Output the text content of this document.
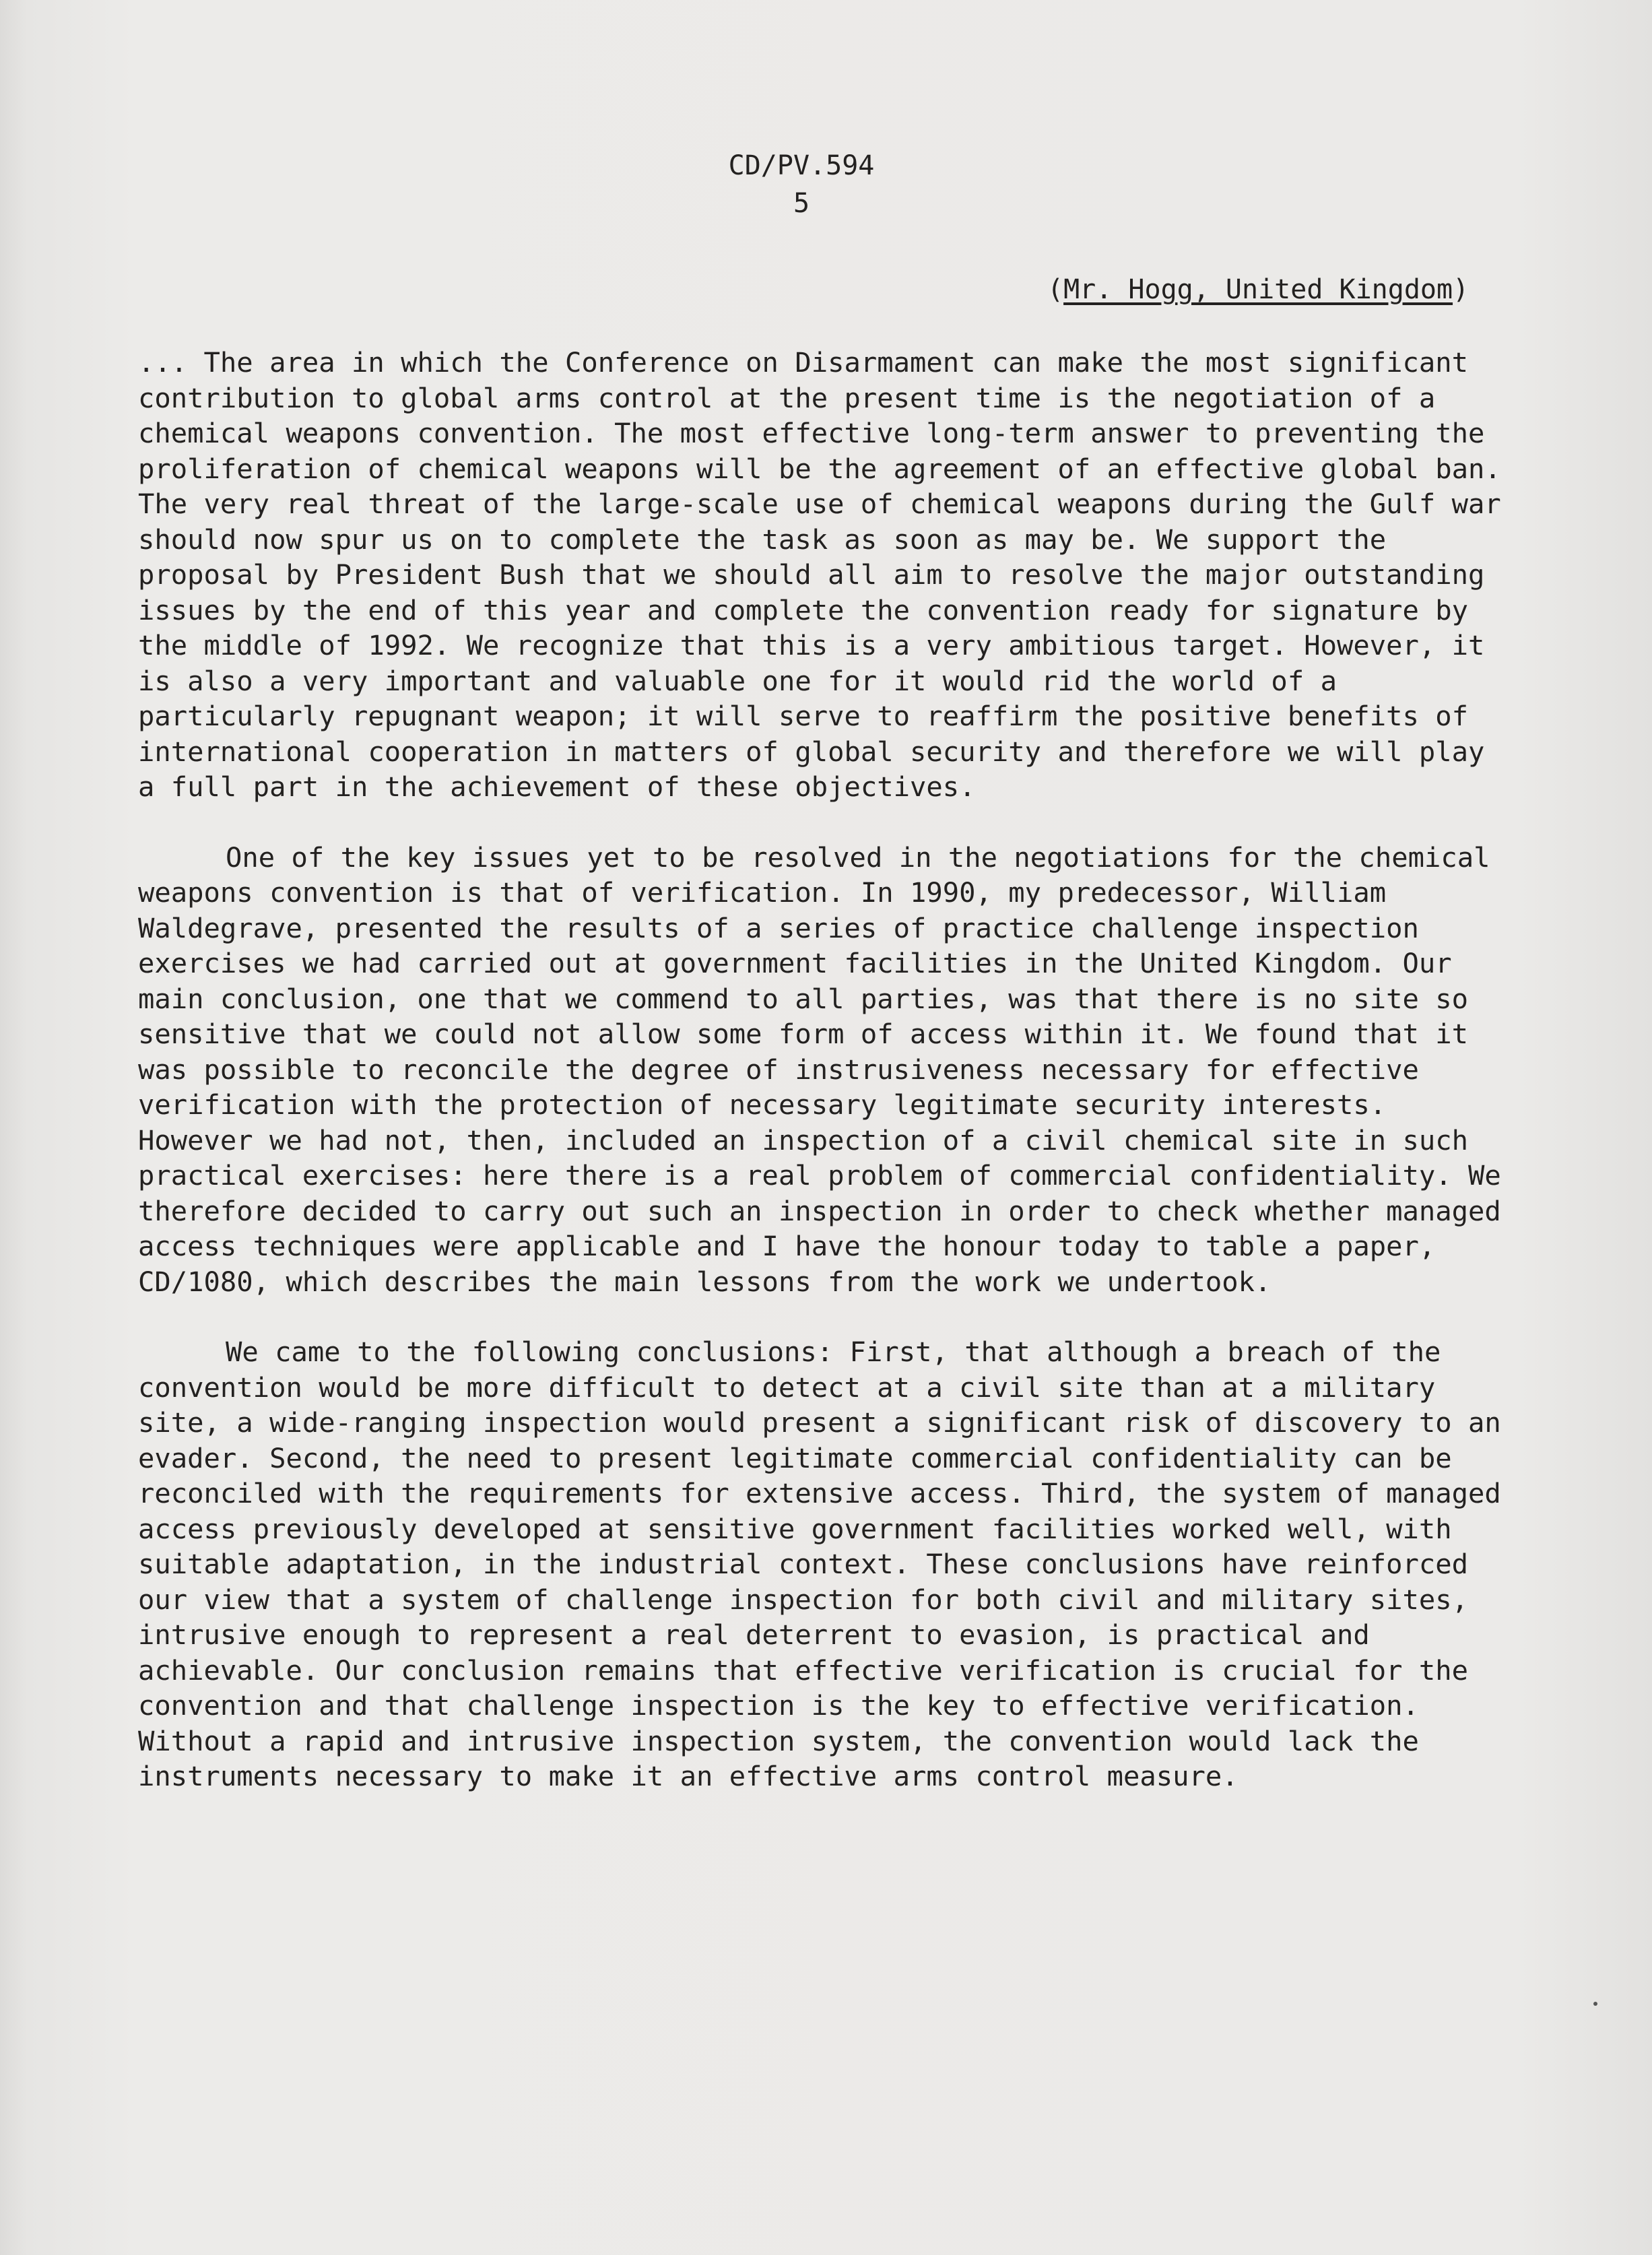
CD/PV.594
5
(Mr. Hogg, United Kingdom)

... The area in which the Conference on Disarmament can make the most significant contribution to global arms control at the present time is the negotiation of a chemical weapons convention. The most effective long-term answer to preventing the proliferation of chemical weapons will be the agreement of an effective global ban. The very real threat of the large-scale use of chemical weapons during the Gulf war should now spur us on to complete the task as soon as may be. We support the proposal by President Bush that we should all aim to resolve the major outstanding issues by the end of this year and complete the convention ready for signature by the middle of 1992. We recognize that this is a very ambitious target. However, it is also a very important and valuable one for it would rid the world of a particularly repugnant weapon; it will serve to reaffirm the positive benefits of international cooperation in matters of global security and therefore we will play a full part in the achievement of these objectives.

One of the key issues yet to be resolved in the negotiations for the chemical weapons convention is that of verification. In 1990, my predecessor, William Waldegrave, presented the results of a series of practice challenge inspection exercises we had carried out at government facilities in the United Kingdom. Our main conclusion, one that we commend to all parties, was that there is no site so sensitive that we could not allow some form of access within it. We found that it was possible to reconcile the degree of instrusiveness necessary for effective verification with the protection of necessary legitimate security interests. However we had not, then, included an inspection of a civil chemical site in such practical exercises: here there is a real problem of commercial confidentiality. We therefore decided to carry out such an inspection in order to check whether managed access techniques were applicable and I have the honour today to table a paper, CD/1080, which describes the main lessons from the work we undertook.

We came to the following conclusions: First, that although a breach of the convention would be more difficult to detect at a civil site than at a military site, a wide-ranging inspection would present a significant risk of discovery to an evader. Second, the need to present legitimate commercial confidentiality can be reconciled with the requirements for extensive access. Third, the system of managed access previously developed at sensitive government facilities worked well, with suitable adaptation, in the industrial context. These conclusions have reinforced our view that a system of challenge inspection for both civil and military sites, intrusive enough to represent a real deterrent to evasion, is practical and achievable. Our conclusion remains that effective verification is crucial for the convention and that challenge inspection is the key to effective verification. Without a rapid and intrusive inspection system, the convention would lack the instruments necessary to make it an effective arms control measure.
